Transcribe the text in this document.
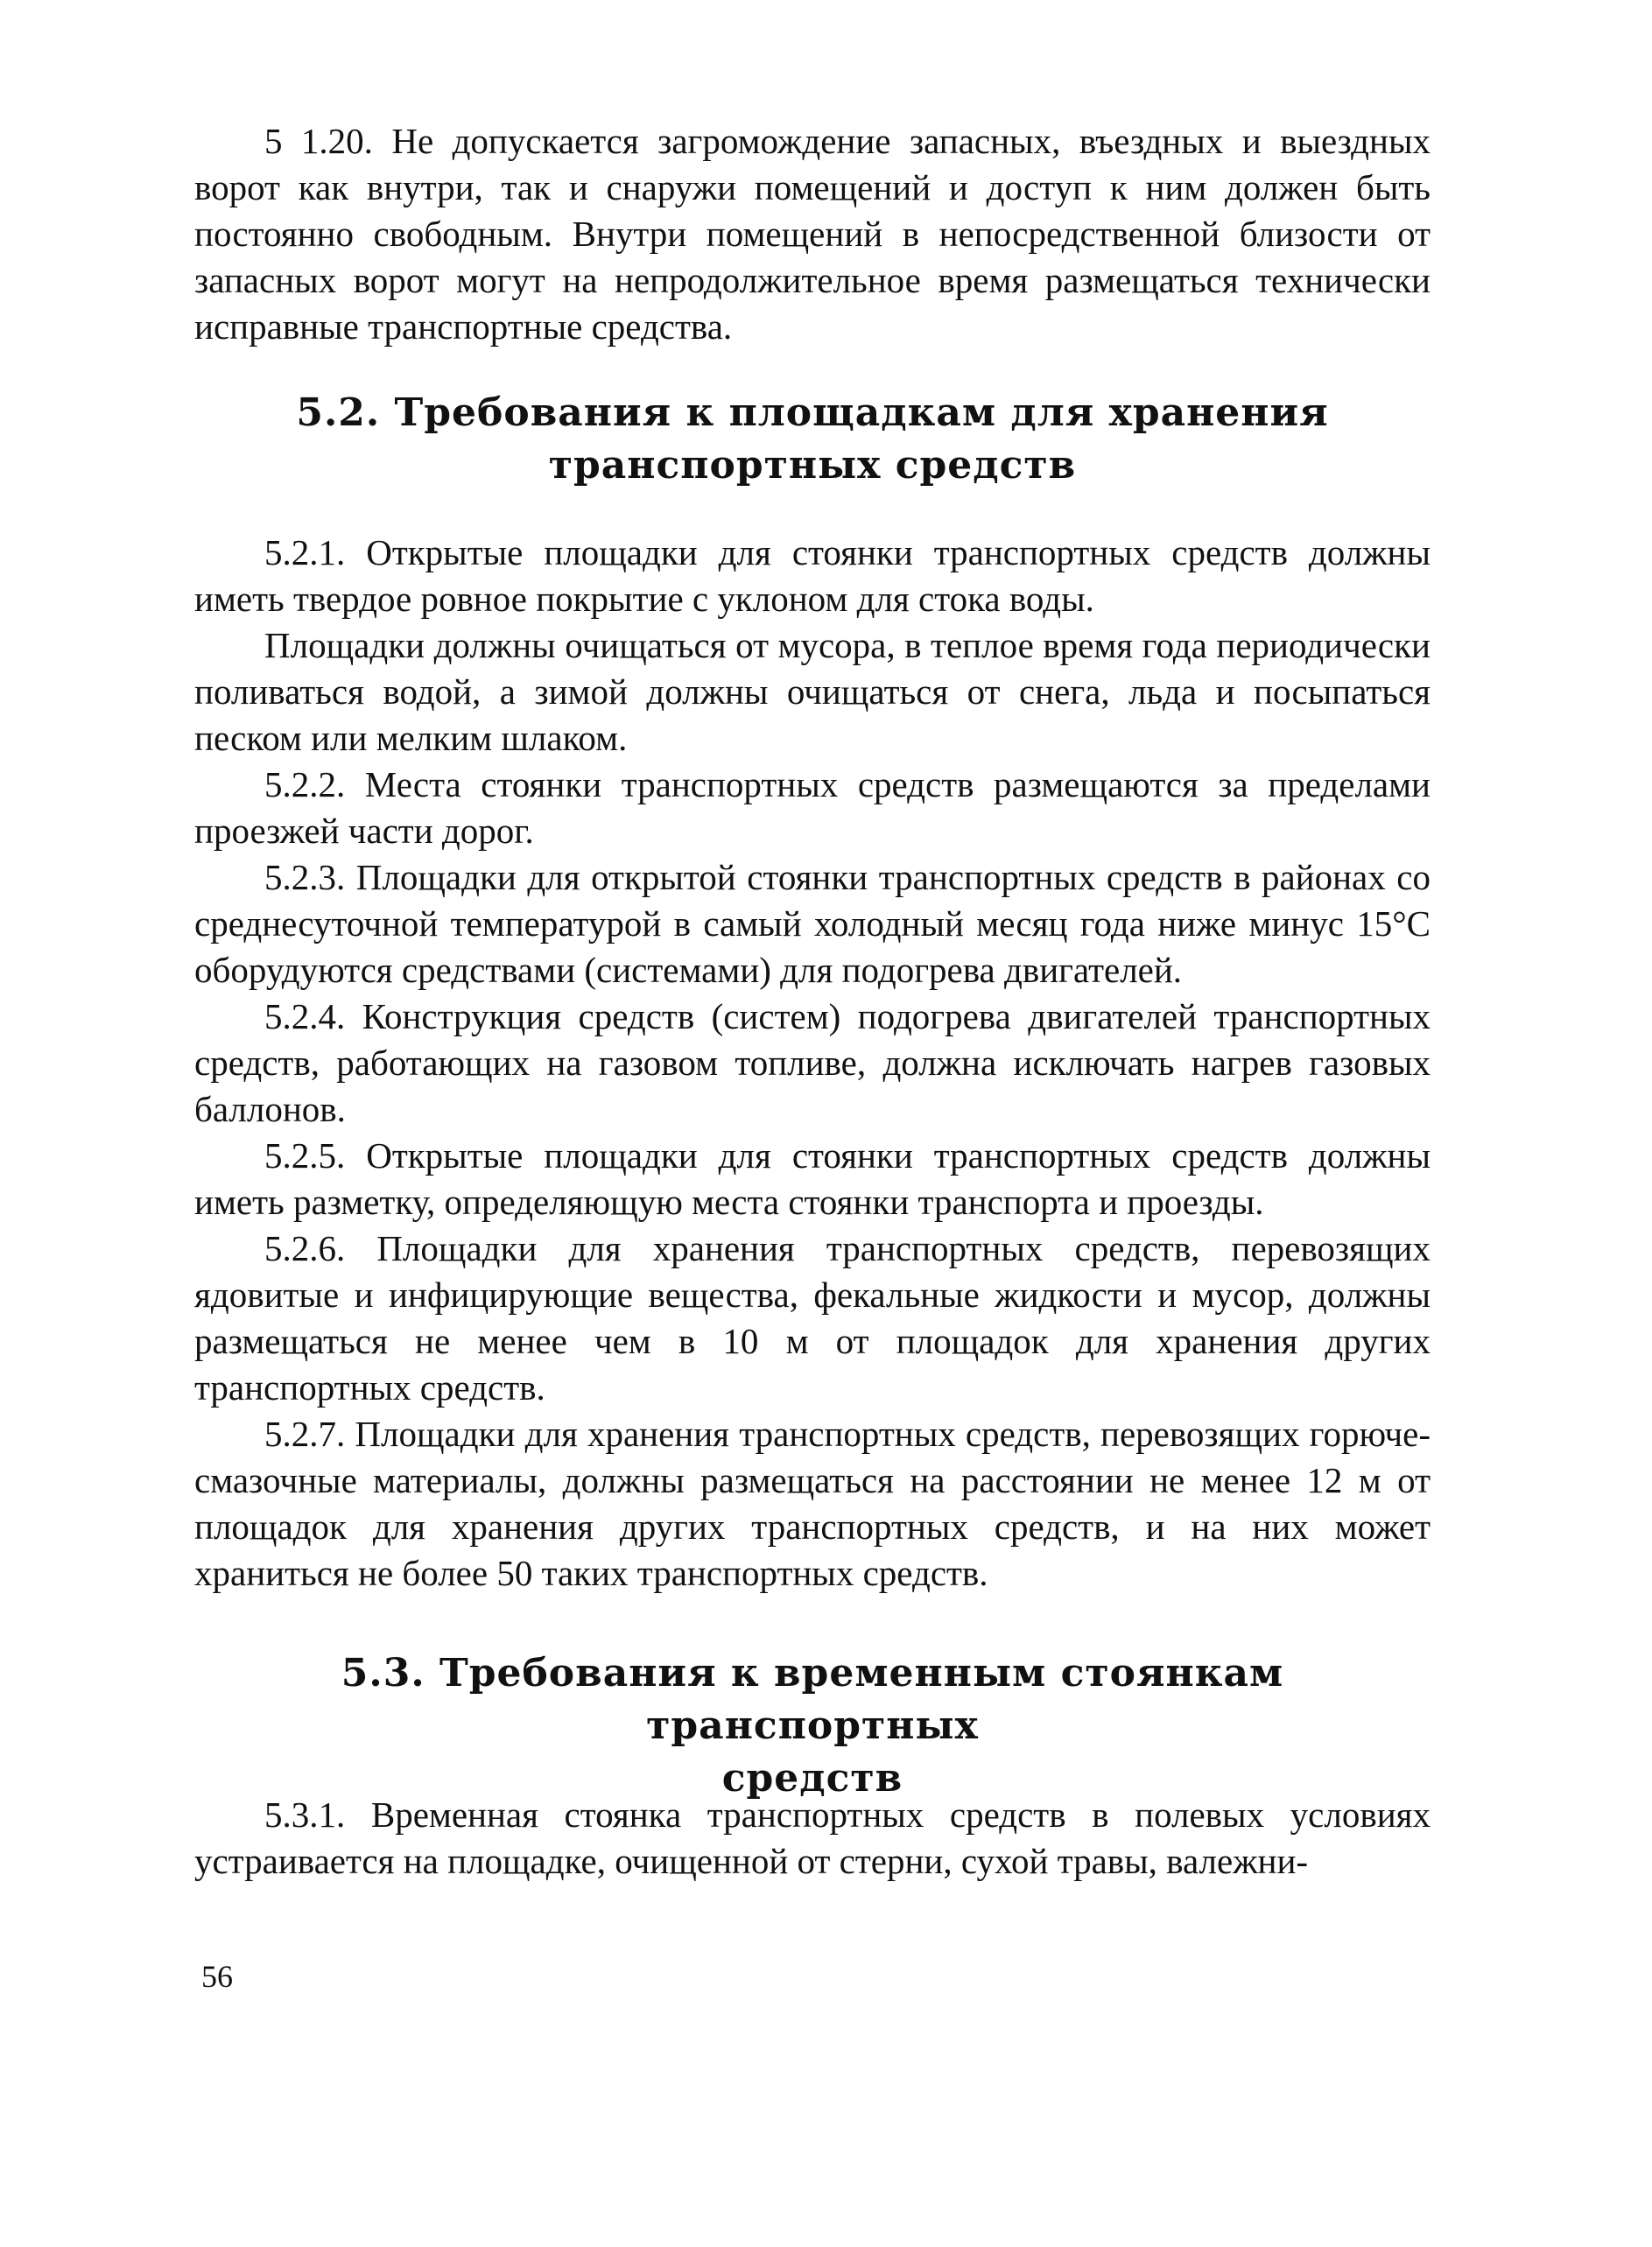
5 1.20. Не допускается загромождение запасных, въездных и выездных ворот как внутри, так и снаружи помещений и доступ к ним должен быть постоянно свободным. Внутри помещений в непосредственной близости от запасных ворот могут на непродолжительное время размещаться технически исправные транспортные средства.

5.2. Требования к площадкам для хранения
транспортных средств

5.2.1. Открытые площадки для стоянки транспортных средств должны иметь твердое ровное покрытие с уклоном для стока воды.

Площадки должны очищаться от мусора, в теплое время года периодически поливаться водой, а зимой должны очищаться от снега, льда и посыпаться песком или мелким шлаком.

5.2.2. Места стоянки транспортных средств размещаются за пределами проезжей части дорог.

5.2.3. Площадки для открытой стоянки транспортных средств в районах со среднесуточной температурой в самый холодный месяц года ниже минус 15°С оборудуются средствами (системами) для подогрева двигателей.

5.2.4. Конструкция средств (систем) подогрева двигателей транспортных средств, работающих на газовом топливе, должна исключать нагрев газовых баллонов.

5.2.5. Открытые площадки для стоянки транспортных средств должны иметь разметку, определяющую места стоянки транспорта и проезды.

5.2.6. Площадки для хранения транспортных средств, перевозящих ядовитые и инфицирующие вещества, фекальные жидкости и мусор, должны размещаться не менее чем в 10 м от площадок для хранения других транспортных средств.

5.2.7. Площадки для хранения транспортных средств, перевозящих горюче-смазочные материалы, должны размещаться на расстоянии не менее 12 м от площадок для хранения других транспортных средств, и на них может храниться не более 50 таких транспортных средств.

5.3. Требования к временным стоянкам транспортных
средств

5.3.1. Временная стоянка транспортных средств в полевых условиях устраивается на площадке, очищенной от стерни, сухой травы, валежни-

56
